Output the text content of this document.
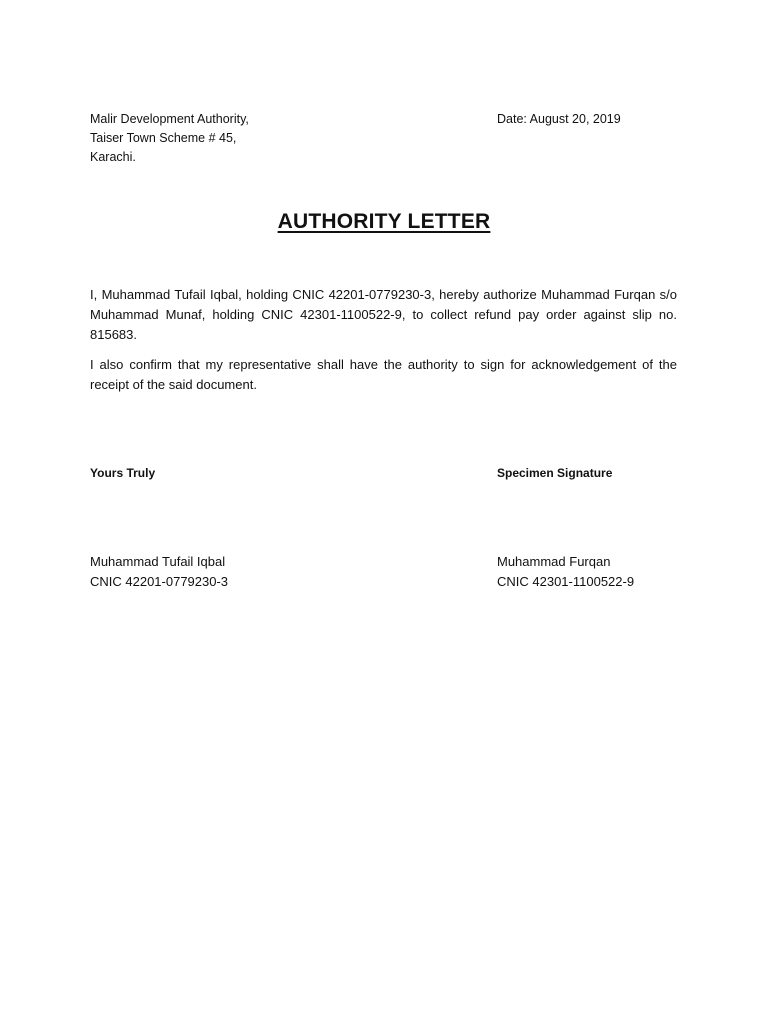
Malir Development Authority,
Taiser Town Scheme # 45,
Karachi.
Date: August 20, 2019
AUTHORITY LETTER

I, Muhammad Tufail Iqbal, holding CNIC 42201-0779230-3, hereby authorize Muhammad Furqan s/o Muhammad Munaf, holding CNIC 42301-1100522-9, to collect refund pay order against slip no. 815683.

I also confirm that my representative shall have the authority to sign for acknowledgement of the receipt of the said document.

Yours Truly	Specimen Signature
Muhammad Tufail Iqbal
CNIC 42201-0779230-3
Muhammad Furqan
CNIC 42301-1100522-9
